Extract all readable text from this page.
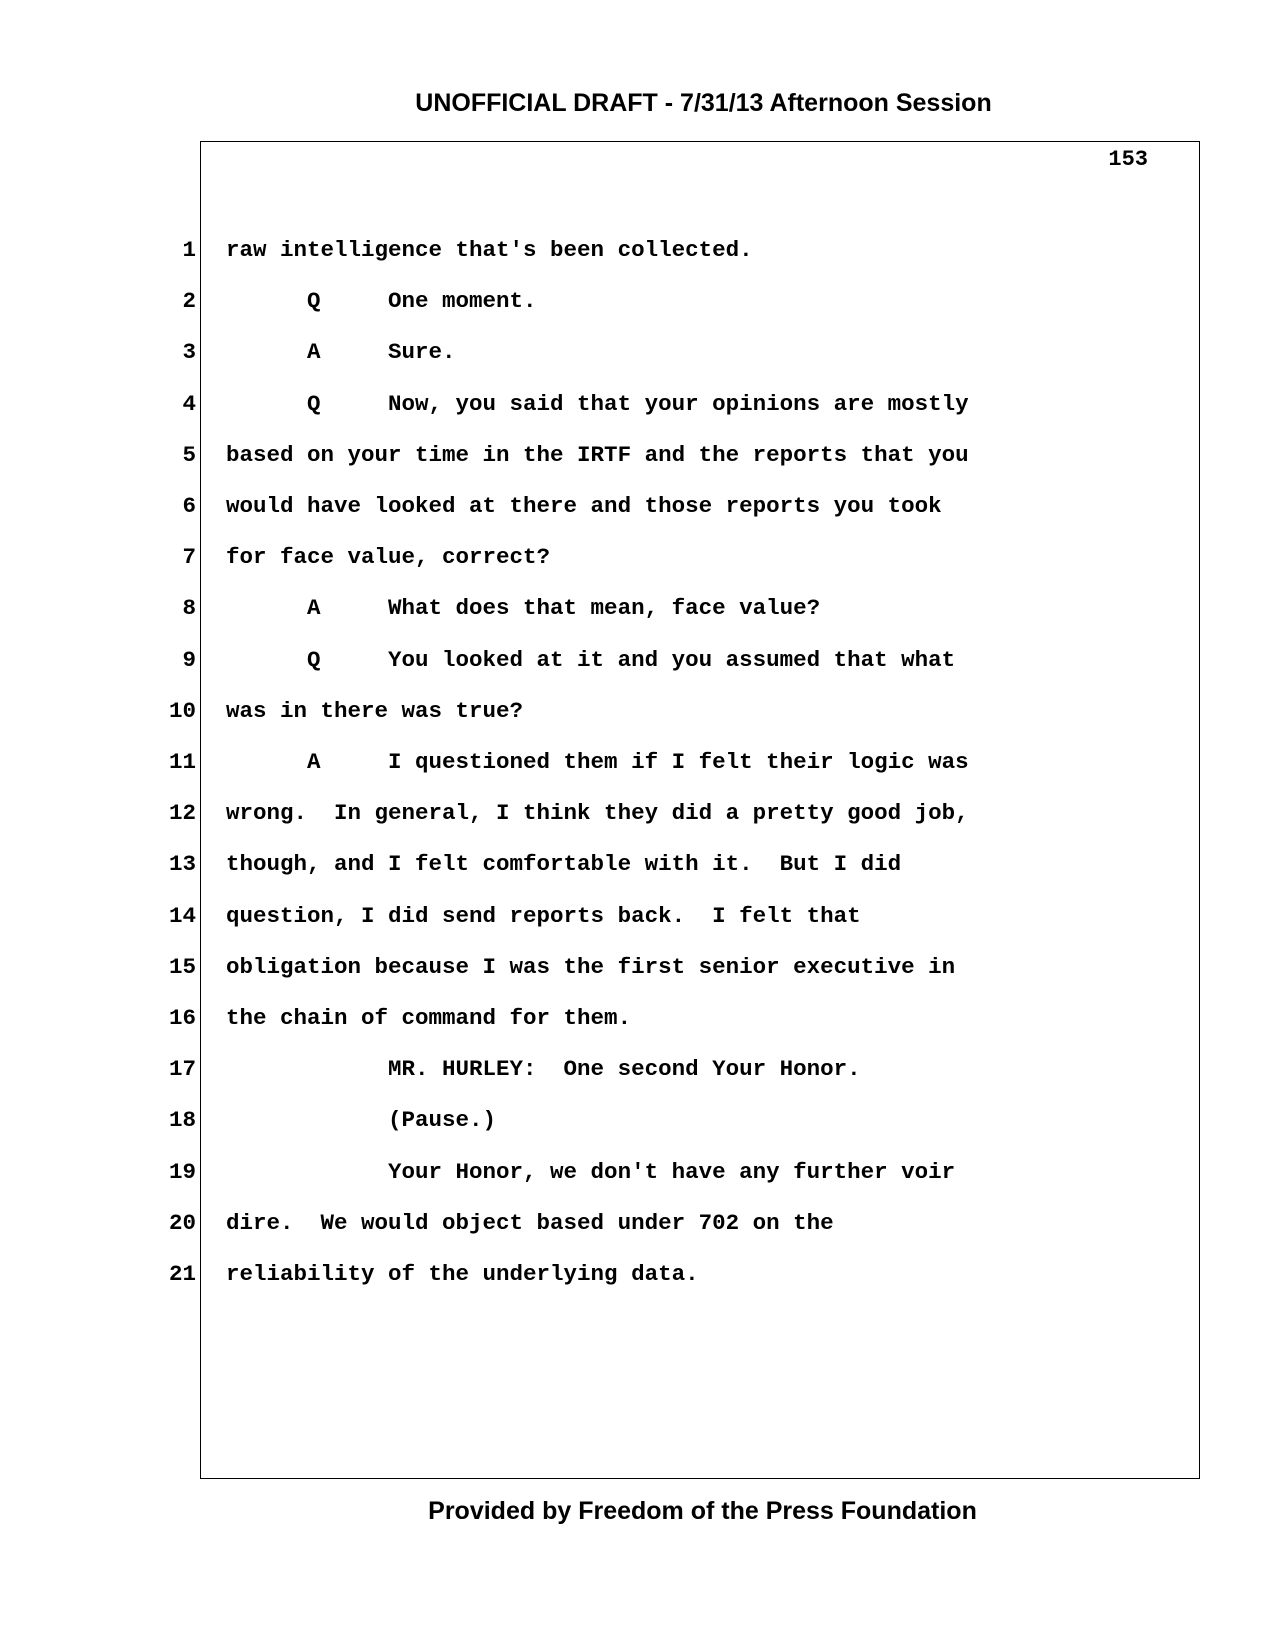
UNOFFICIAL DRAFT - 7/31/13 Afternoon Session
153
1 raw intelligence that's been collected.
2 Q     One moment.
3 A     Sure.
4 Q     Now, you said that your opinions are mostly
5 based on your time in the IRTF and the reports that you
6 would have looked at there and those reports you took
7 for face value, correct?
8 A     What does that mean, face value?
9 Q     You looked at it and you assumed that what
10 was in there was true?
11 A     I questioned them if I felt their logic was
12 wrong.  In general, I think they did a pretty good job,
13 though, and I felt comfortable with it.  But I did
14 question, I did send reports back.  I felt that
15 obligation because I was the first senior executive in
16 the chain of command for them.
17 MR. HURLEY:  One second Your Honor.
18 (Pause.)
19 Your Honor, we don't have any further voir
20 dire.  We would object based under 702 on the
21 reliability of the underlying data.
Provided by Freedom of the Press Foundation
